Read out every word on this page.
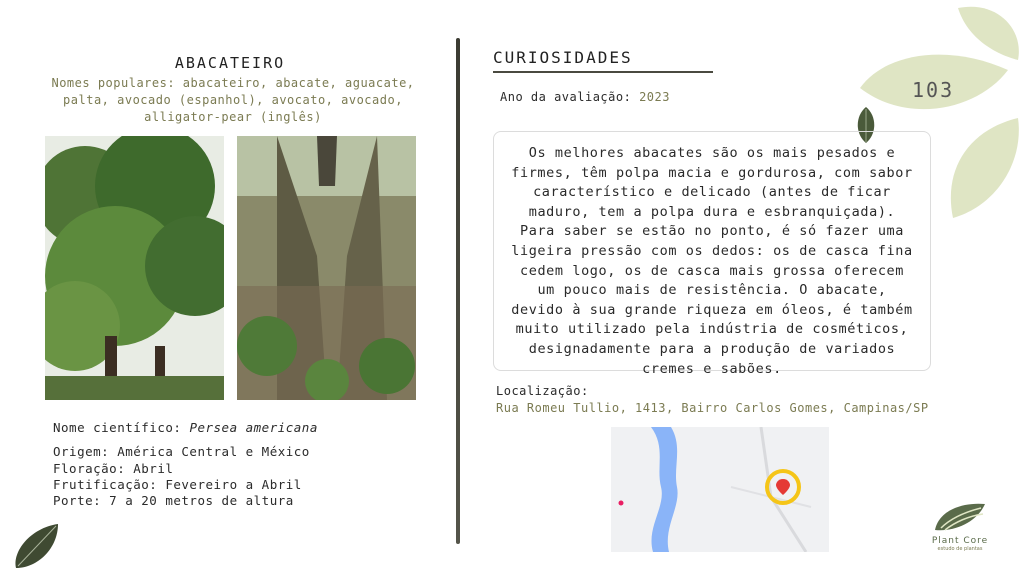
103
ABACATEIRO
Nomes populares: abacateiro, abacate, aguacate, palta, avocado (espanhol), avocato, avocado, alligator-pear (inglês)
Nome científico: Persea americana
Origem: América Central e México
Floração: Abril
Frutificação: Fevereiro a Abril
Porte: 7 a 20 metros de altura
CURIOSIDADES
Ano da avaliação: 2023
Os melhores abacates são os mais pesados e firmes, têm polpa macia e gordurosa, com sabor característico e delicado (antes de ficar maduro, tem a polpa dura e esbranquiçada). Para saber se estão no ponto, é só fazer uma ligeira pressão com os dedos: os de casca fina cedem logo, os de casca mais grossa oferecem um pouco mais de resistência. O abacate, devido à sua grande riqueza em óleos, é também muito utilizado pela indústria de cosméticos, designadamente para a produção de variados cremes e sabões.
Localização:
Rua Romeu Tullio, 1413, Bairro Carlos Gomes, Campinas/SP
Plant Core
estudo de plantas
